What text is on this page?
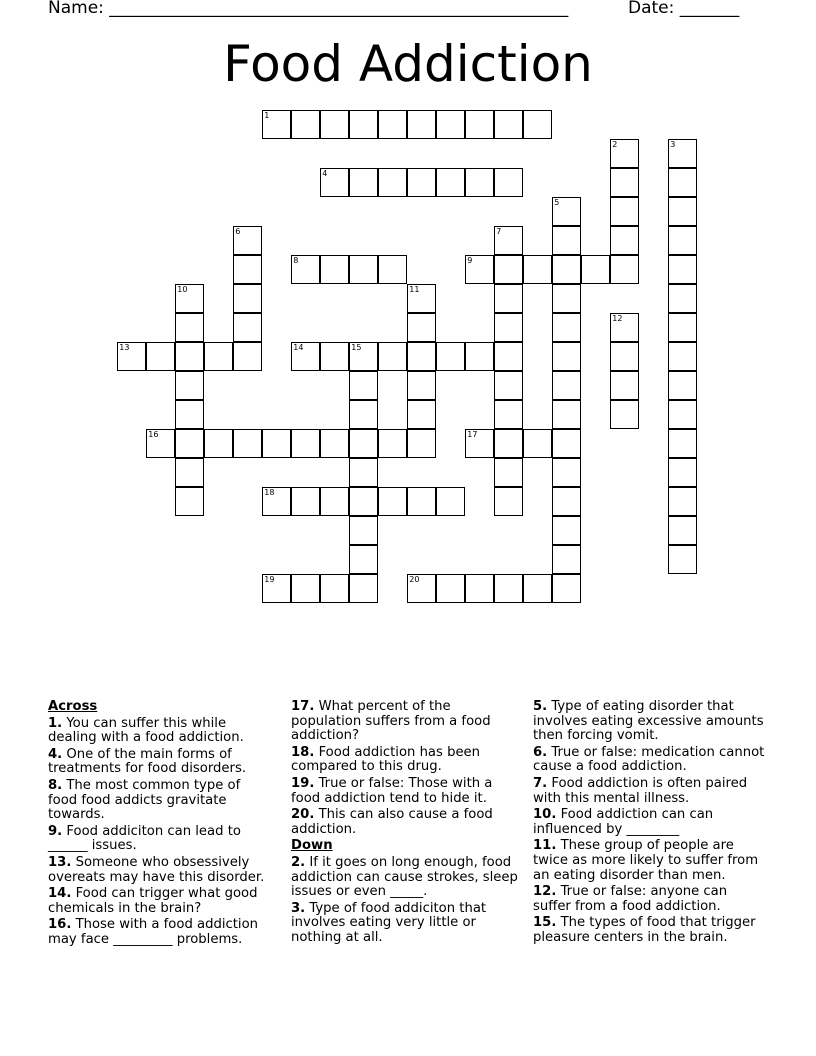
Name: ______________________________________________________	Date: _______
Food Addiction
1
2	3
4
5
6	7
8	9
10	11
12
13	14	15
16	17
18
19	20
Across
1. You can suffer this while dealing with a food addiction.
4. One of the main forms of treatments for food disorders.
8. The most common type of food food addicts gravitate towards.
9. Food addiciton can lead to ______ issues.
13. Someone who obsessively overeats may have this disorder.
14. Food can trigger what good chemicals in the brain?
16. Those with a food addiction may face _________ problems.
17. What percent of the population suffers from a food addiction?
18. Food addiction has been compared to this drug.
19. True or false: Those with a food addiction tend to hide it.
20. This can also cause a food addiction.
Down
2. If it goes on long enough, food addiction can cause strokes, sleep issues or even _____.
3. Type of food addiciton that involves eating very little or nothing at all.
5. Type of eating disorder that involves eating excessive amounts then forcing vomit.
6. True or false: medication cannot cause a food addiction.
7. Food addiction is often paired with this mental illness.
10. Food addiction can can influenced by ________
11. These group of people are twice as more likely to suffer from an eating disorder than men.
12. True or false: anyone can suffer from a food addiction.
15. The types of food that trigger pleasure centers in the brain.
